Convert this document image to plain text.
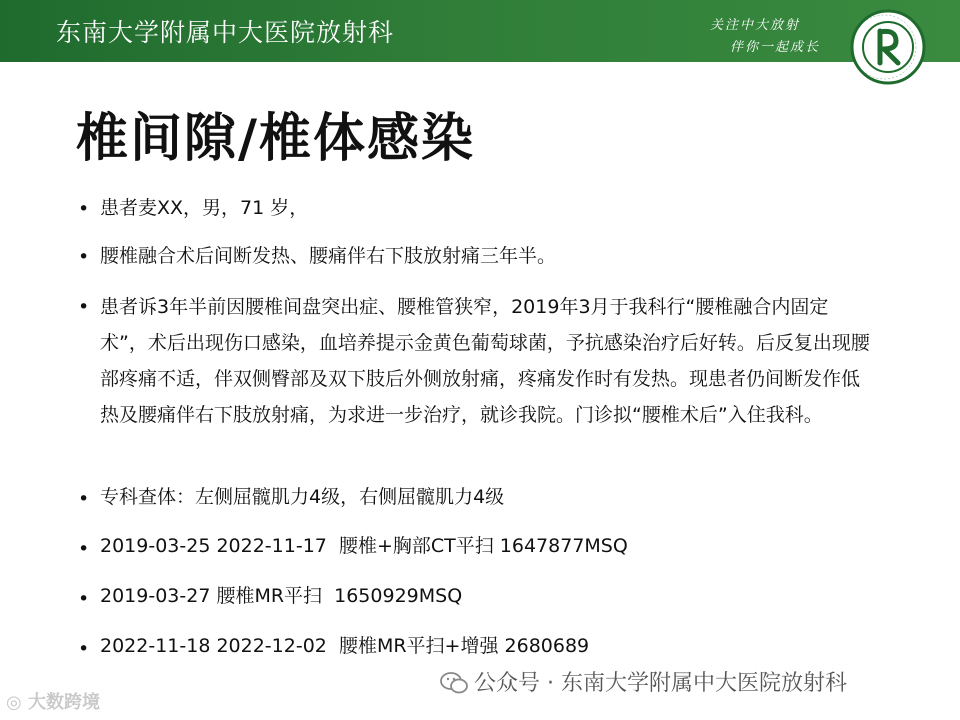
东南大学附属中大医院放射科	关注中大放射
伴你一起成长
椎间隙/椎体感染
• 患者麦XX，男，71 岁，

• 腰椎融合术后间断发热、腰痛伴右下肢放射痛三年半。

• 患者诉3年半前因腰椎间盘突出症、腰椎管狭窄，2019年3月于我科行“腰椎融合内固定术”，术后出现伤口感染，血培养提示金黄色葡萄球菌，予抗感染治疗后好转。后反复出现腰部疼痛不适，伴双侧臀部及双下肢后外侧放射痛，疼痛发作时有发热。现患者仍间断发作低热及腰痛伴右下肢放射痛，为求进一步治疗，就诊我院。门诊拟“腰椎术后”入住我科。

• 专科查体：左侧屈髋肌力4级，右侧屈髋肌力4级

• 2019-03-25 2022-11-17  腰椎+胸部CT平扫 1647877MSQ

• 2019-03-27 腰椎MR平扫  1650929MSQ

• 2022-11-18 2022-12-02  腰椎MR平扫+增强 2680689

公众号 · 东南大学附属中大医院放射科
◎ 大数跨境
